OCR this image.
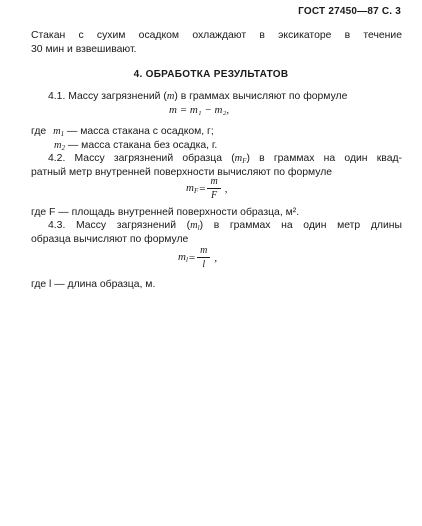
ГОСТ 27450—87 С. 3
Стакан с сухим осадком охлаждают в эксикаторе в течение
30 мин и взвешивают.
4. ОБРАБОТКА РЕЗУЛЬТАТОВ
4.1. Массу загрязнений (m) в граммах вычисляют по формуле
m = m₁ − m₂,
где $m_1$ — масса стакана с осадком, г;
$m_2$ — масса стакана без осадка, г.
4.2. Массу загрязнений образца $(m_F)$ в граммах на один квад-
ратный метр внутренней поверхности вычисляют по формуле
$m_F = \frac{m}{F}$ ,
где F — площадь внутренней поверхности образца, м².
4.3. Массу загрязнений $(m_l)$ в граммах на один метр длины
образца вычисляют по формуле
$m_l = \frac{m}{l}$ ,
где l — длина образца, м.
